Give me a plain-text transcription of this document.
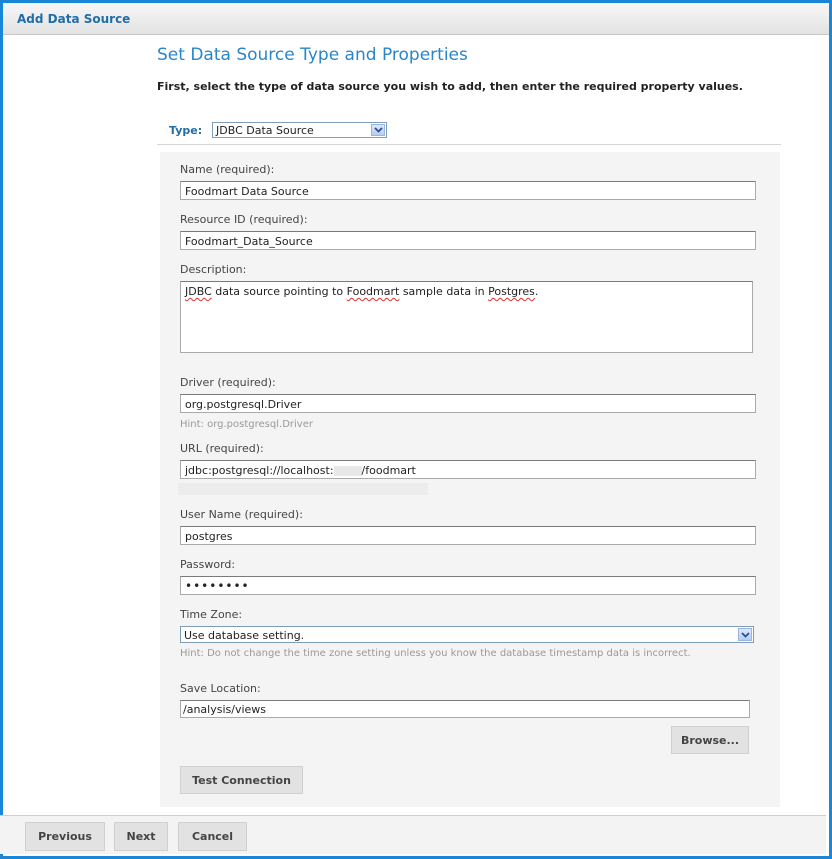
Add Data Source
Set Data Source Type and Properties
First, select the type of data source you wish to add, then enter the required property values.
Type: JDBC Data Source
Name (required):
Foodmart Data Source
Resource ID (required):
Foodmart_Data_Source
Description:
JDBC data source pointing to Foodmart sample data in Postgres.
Driver (required):
org.postgresql.Driver
Hint: org.postgresql.Driver
URL (required):
jdbc:postgresql://localhost:	/foodmart
User Name (required):
postgres
Password:
••••••••
Time Zone:
Use database setting.
Hint: Do not change the time zone setting unless you know the database timestamp data is incorrect.
Save Location:
/analysis/views
Browse...
Test Connection
Previous	Next	Cancel
